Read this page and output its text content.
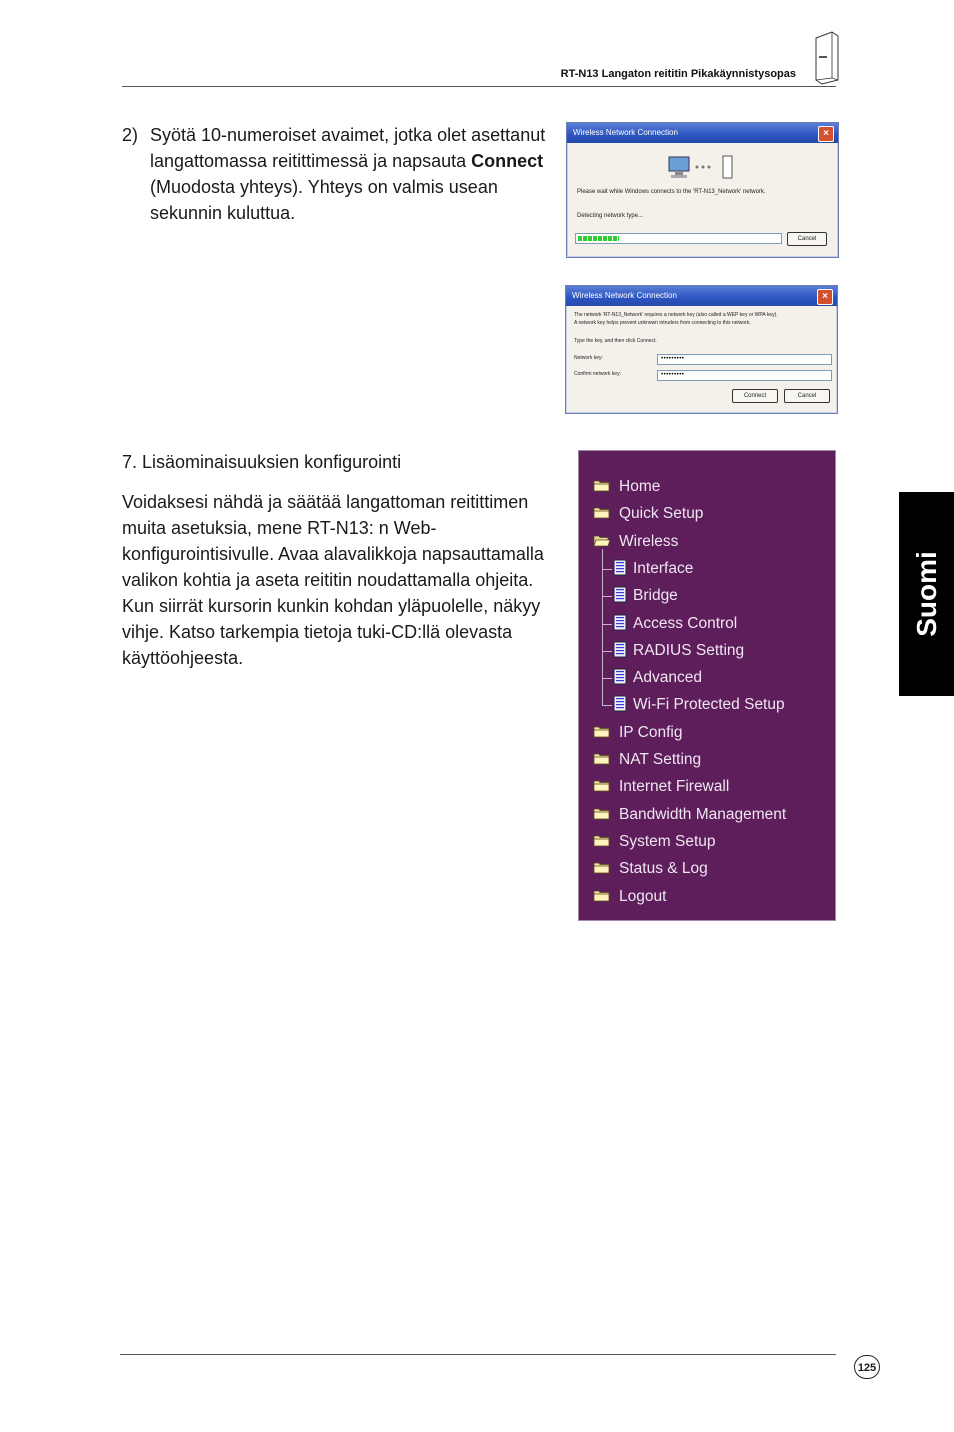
RT-N13 Langaton reititin Pikakäynnistysopas
2) Syötä 10-numeroiset avaimet, jotka olet asettanut langattomassa reitittimessä ja napsauta Connect (Muodosta yhteys). Yhteys on valmis usean sekunnin kuluttua.
Wireless Network Connection	×
Please wait while Windows connects to the 'RT-N13_Network' network.
Detecting network type...
Cancel
Wireless Network Connection	×
The network 'RT-N13_Network' requires a network key (also called a WEP key or WPA key).
A network key helps prevent unknown intruders from connecting to this network.
Type the key, and then click Connect.
Network key:	•••••••••
Confirm network key:	•••••••••
Connect	Cancel
7. Lisäominaisuuksien konfigurointi
Voidaksesi nähdä ja säätää langattoman reitittimen muita asetuksia, mene RT-N13: n Web-konfigurointisivulle. Avaa alavalikkoja napsauttamalla valikon kohtia ja aseta reititin noudattamalla ohjeita. Kun siirrät kursorin kunkin kohdan yläpuolelle, näkyy vihje. Katso tarkempia tietoja tuki-CD:llä olevasta käyttöohjeesta.
Home
Quick Setup
Wireless
Interface
Bridge
Access Control
RADIUS Setting
Advanced
Wi-Fi Protected Setup
IP Config
NAT Setting
Internet Firewall
Bandwidth Management
System Setup
Status & Log
Logout
Suomi
125
